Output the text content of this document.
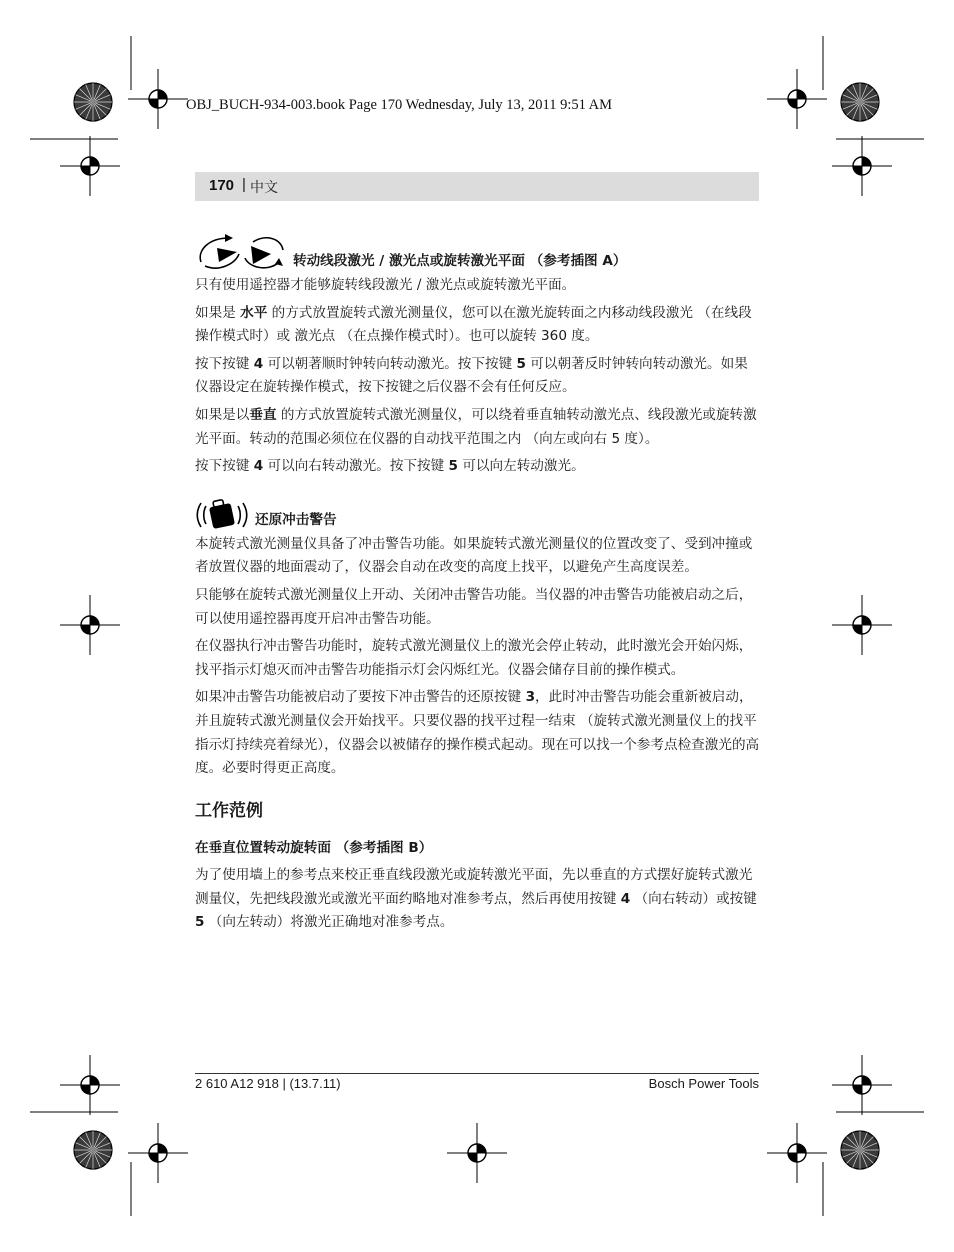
OBJ_BUCH-934-003.book Page 170 Wednesday, July 13, 2011 9:51 AM
170 | 中文
转动线段激光 / 激光点或旋转激光平面 （参考插图 A）

只有使用遥控器才能够旋转线段激光 / 激光点或旋转激光平面。

如果是 水平 的方式放置旋转式激光测量仪，您可以在激光旋转面之内移动线段激光 （在线段操作模式时）或 激光点 （在点操作模式时）。也可以旋转 360 度。

按下按键 4 可以朝著顺时钟转向转动激光。按下按键 5 可以朝著反时钟转向转动激光。如果仪器设定在旋转操作模式，按下按键之后仪器不会有任何反应。

如果是以垂直 的方式放置旋转式激光测量仪，可以绕着垂直轴转动激光点、线段激光或旋转激光平面。转动的范围必须位在仪器的自动找平范围之内 （向左或向右 5 度）。

按下按键 4 可以向右转动激光。按下按键 5 可以向左转动激光。

还原冲击警告

本旋转式激光测量仪具备了冲击警告功能。如果旋转式激光测量仪的位置改变了、受到冲撞或者放置仪器的地面震动了，仪器会自动在改变的高度上找平，以避免产生高度误差。

只能够在旋转式激光测量仪上开动、关闭冲击警告功能。当仪器的冲击警告功能被启动之后，可以使用遥控器再度开启冲击警告功能。

在仪器执行冲击警告功能时，旋转式激光测量仪上的激光会停止转动，此时激光会开始闪烁，找平指示灯熄灭而冲击警告功能指示灯会闪烁红光。仪器会储存目前的操作模式。

如果冲击警告功能被启动了要按下冲击警告的还原按键 3，此时冲击警告功能会重新被启动，并且旋转式激光测量仪会开始找平。只要仪器的找平过程一结束 （旋转式激光测量仪上的找平指示灯持续亮着绿光），仪器会以被储存的操作模式起动。现在可以找一个参考点检查激光的高度。必要时得更正高度。

工作范例
在垂直位置转动旋转面 （参考插图 B）

为了使用墙上的参考点来校正垂直线段激光或旋转激光平面，先以垂直的方式摆好旋转式激光测量仪，先把线段激光或激光平面约略地对准参考点，然后再使用按键 4 （向右转动）或按键 5 （向左转动）将激光正确地对准参考点。

2 610 A12 918 | (13.7.11)	Bosch Power Tools
